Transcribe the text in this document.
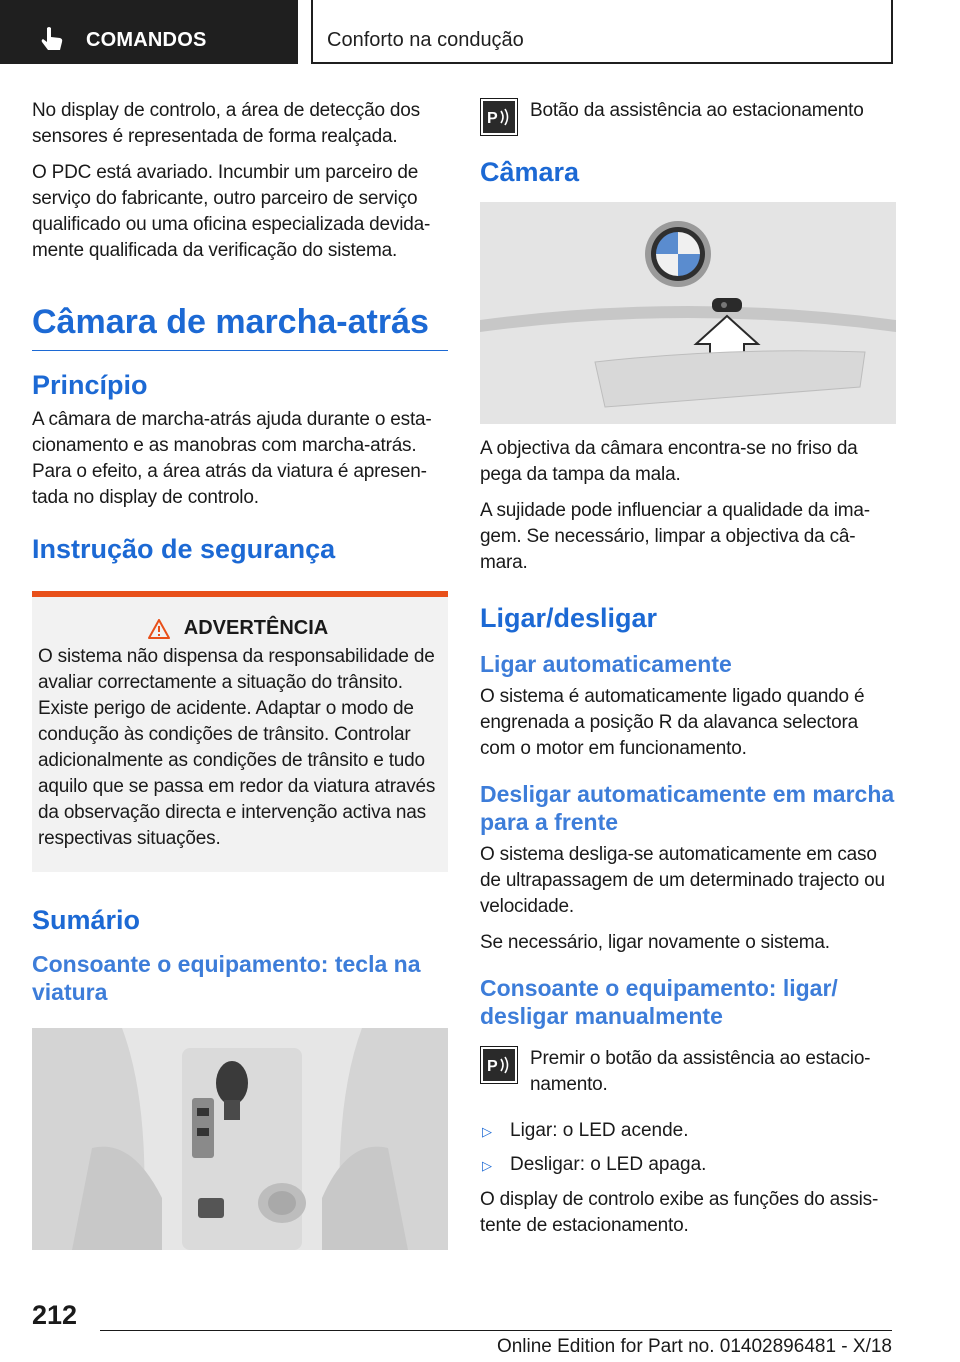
COMANDOS	Conforto na condução

No display de controlo, a área de detecção dos sensores é representada de forma realçada.

O PDC está avariado. Incumbir um parceiro de serviço do fabricante, outro parceiro de serviço qualificado ou uma oficina especializada devida-mente qualificada da verificação do sistema.

Câmara de marcha-atrás
Princípio

A câmara de marcha-atrás ajuda durante o esta-cionamento e as manobras com marcha-atrás. Para o efeito, a área atrás da viatura é apresen-tada no display de controlo.

Instrução de segurança
ADVERTÊNCIA

O sistema não dispensa da responsabilidade de avaliar correctamente a situação do trânsito. Existe perigo de acidente. Adaptar o modo de condução às condições de trânsito. Controlar adicionalmente as condições de trânsito e tudo aquilo que se passa em redor da viatura através da observação directa e intervenção activa nas respectivas situações.

Sumário
Consoante o equipamento: tecla na viatura
P Botão da assistência ao estacionamento

Câmara

A objectiva da câmara encontra-se no friso da pega da tampa da mala.

A sujidade pode influenciar a qualidade da ima-gem. Se necessário, limpar a objectiva da câ-mara.

Ligar/desligar
Ligar automaticamente

O sistema é automaticamente ligado quando é engrenada a posição R da alavanca selectora com o motor em funcionamento.

Desligar automaticamente em marcha para a frente

O sistema desliga-se automaticamente em caso de ultrapassagem de um determinado trajecto ou velocidade.

Se necessário, ligar novamente o sistema.

Consoante o equipamento: ligar/ desligar manualmente
P Premir o botão da assistência ao estacio-namento.

▷ Ligar: o LED acende.
▷ Desligar: o LED apaga.

O display de controlo exibe as funções do assis-tente de estacionamento.

212
Online Edition for Part no. 01402896481 - X/18
